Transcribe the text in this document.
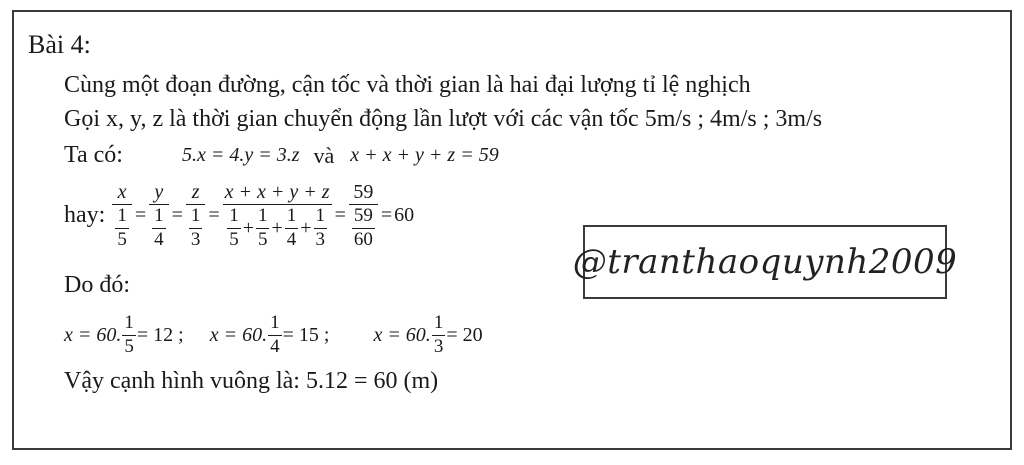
Bài 4:
Cùng một đoạn đường, cận tốc và thời gian là hai đại lượng tỉ lệ nghịch
Gọi x, y, z là thời gian chuyển động lần lượt với các vận tốc 5m/s ; 4m/s ; 3m/s
Ta có:	5.x = 4.y = 3.z và x + x + y + z = 59
hay: $\frac{x}{\frac{1}{5}} = \frac{y}{\frac{1}{4}} = \frac{z}{\frac{1}{3}} = \frac{x + x + y + z}{\frac{1}{5} + \frac{1}{5} + \frac{1}{4} + \frac{1}{3}} = \frac{59}{\frac{59}{60}} = 60$
Do đó:
x = 60. $\frac{1}{5} = 12$ ; x = 60. $\frac{1}{4} = 15$ ; x = 60. $\frac{1}{3} = 20$
Vậy cạnh hình vuông là: 5.12 = 60 (m)
@tranthaoquynh2009
